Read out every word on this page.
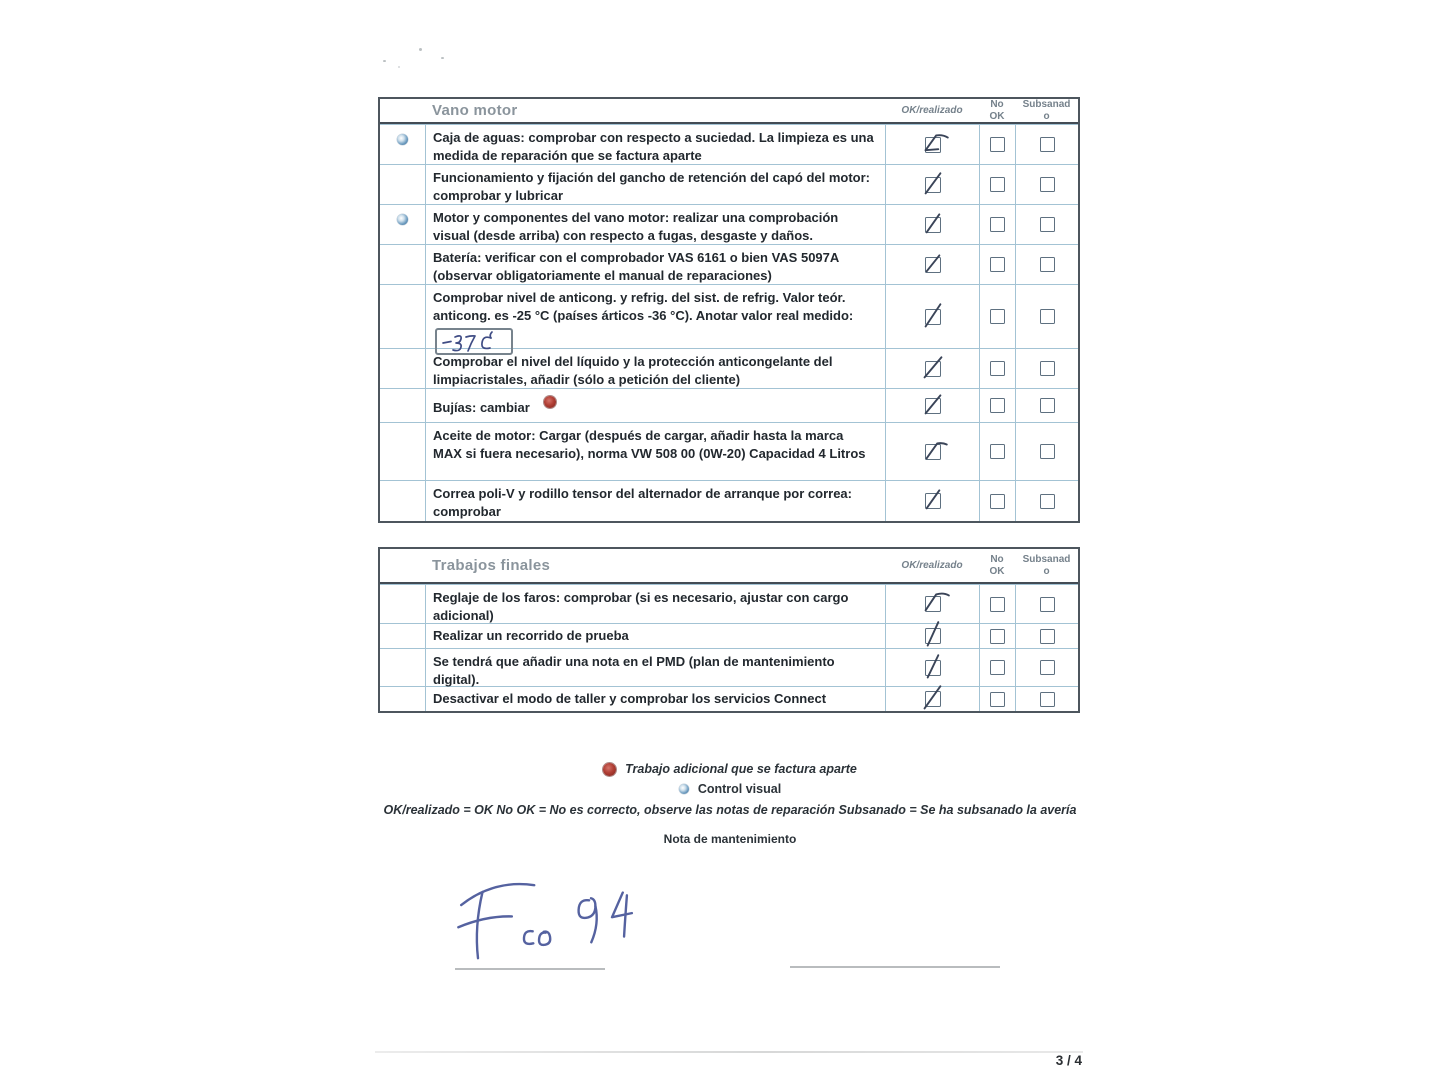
Vano motor	OK/realizado
No OK
Subsanado
Caja de aguas: comprobar con respecto a suciedad. La limpieza es una medida de reparación que se factura aparte
Funcionamiento y fijación del gancho de retención del capó del motor: comprobar y lubricar
Motor y componentes del vano motor: realizar una comprobación visual (desde arriba) con respecto a fugas, desgaste y daños.
Batería: verificar con el comprobador VAS 6161 o bien VAS 5097A (observar obligatoriamente el manual de reparaciones)
Comprobar nivel de anticong. y refrig. del sist. de refrig. Valor teór. anticong. es -25 °C (países árticos -36 °C). Anotar valor real medido:

Comprobar el nivel del líquido y la protección anticongelante del limpiacristales, añadir (sólo a petición del cliente)
Bujías: cambiar
Aceite de motor: Cargar (después de cargar, añadir hasta la marca MAX si fuera necesario), norma VW 508 00 (0W-20) Capacidad 4 Litros
Correa poli-V y rodillo tensor del alternador de arranque por correa: comprobar
Trabajos finales	OK/realizado
No OK
Subsanado
Reglaje de los faros: comprobar (si es necesario, ajustar con cargo adicional)
Realizar un recorrido de prueba
Se tendrá que añadir una nota en el PMD (plan de mantenimiento digital).
Desactivar el modo de taller y comprobar los servicios Connect
Trabajo adicional que se factura aparte
Control visual
OK/realizado = OK No OK = No es correcto, observe las notas de reparación Subsanado = Se ha subsanado la avería
Nota de mantenimiento
3 / 4
